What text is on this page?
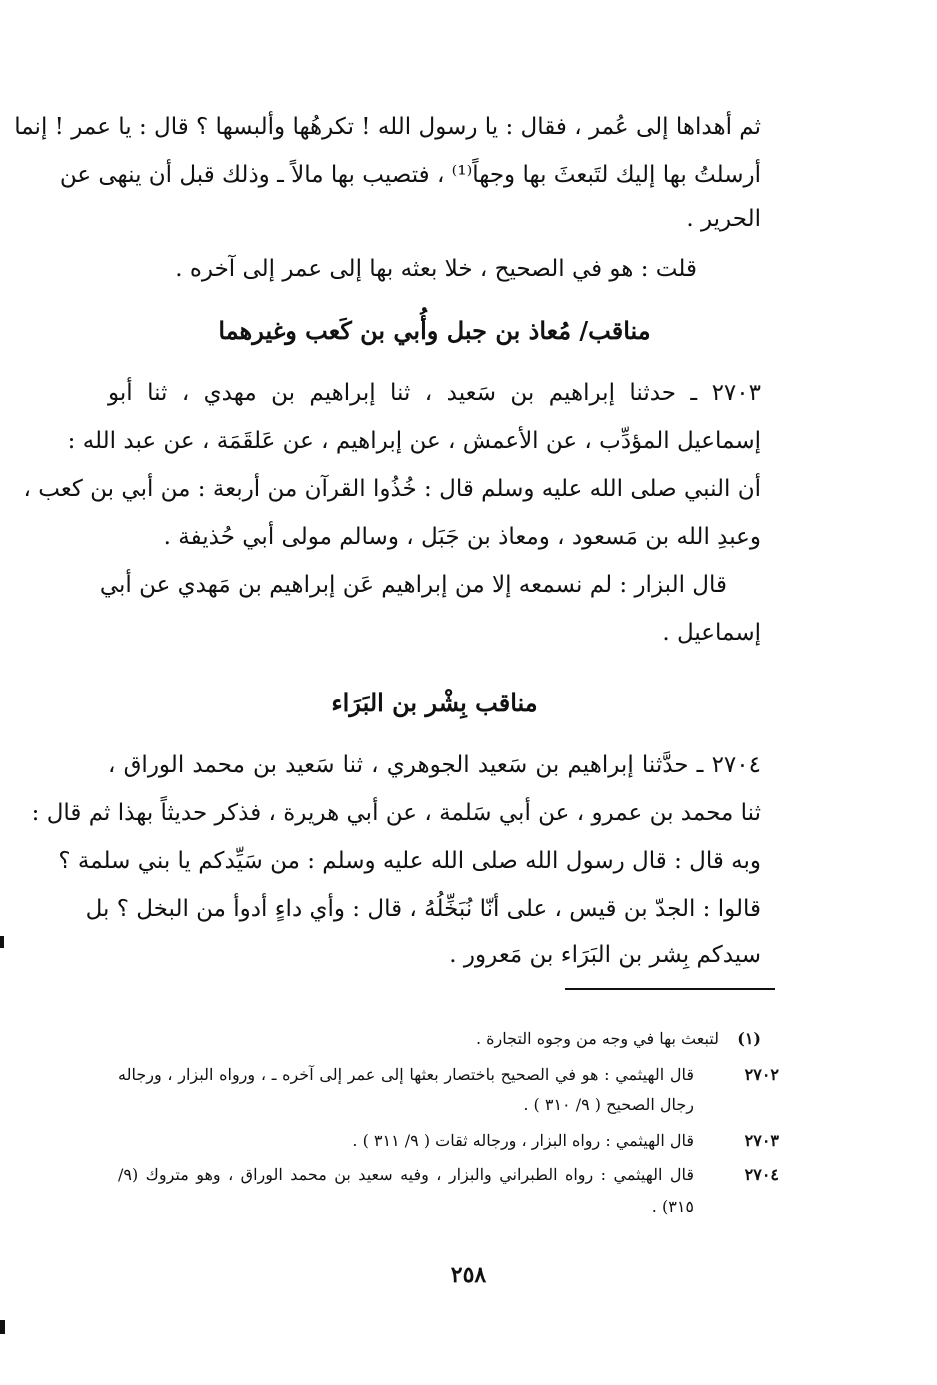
ثم أهداها إلى عُمر ، فقال : يا رسول الله ! تكرهُها وألبسها ؟ قال : يا عمر ! إنما
أرسلتُ بها إليك لتَبعثَ بها وجهاً⁽¹⁾ ، فتصيب بها مالاً ـ وذلك قبل أن ينهى عن
الحرير .
قلت : هو في الصحيح ، خلا بعثه بها إلى عمر إلى آخره .
مناقب/ مُعاذ بن جبل وأُبي بن كَعب وغيرهما
٢٧٠٣ ـ حدثنا إبراهيم بن سَعيد ، ثنا إبراهيم بن مهدي ، ثنا أبو
إسماعيل المؤدِّب ، عن الأعمش ، عن إبراهيم ، عن عَلقَمَة ، عن عبد الله :
أن النبي صلى الله عليه وسلم قال : خُذُوا القرآن من أربعة : من أبي بن كعب ،
وعبدِ الله بن مَسعود ، ومعاذ بن جَبَل ، وسالم مولى أبي حُذيفة .
قال البزار : لم نسمعه إلا من إبراهيم عَن إبراهيم بن مَهدي عن أبي
إسماعيل .
مناقب بِشْر بن البَرَاء
٢٧٠٤ ـ حدَّثنا إبراهيم بن سَعيد الجوهري ، ثنا سَعيد بن محمد الوراق ،
ثنا محمد بن عمرو ، عن أبي سَلمة ، عن أبي هريرة ، فذكر حديثاً بهذا ثم قال :
وبه قال : قال رسول الله صلى الله عليه وسلم : من سَيِّدكم يا بني سلمة ؟
قالوا : الجدّ بن قيس ، على أنّا نُبَخِّلُهُ ، قال : وأي داءٍ أدوأ من البخل ؟ بل
سيدكم بِشر بن البَرَاء بن مَعرور .
(١)
لتبعث بها في وجه من وجوه التجارة .
٢٧٠٢
قال الهيثمي : هو في الصحيح باختصار بعثها إلى عمر إلى آخره ـ ، ورواه البزار ، ورجاله
رجال الصحيح ( ٩/ ٣١٠ ) .
٢٧٠٣
قال الهيثمي : رواه البزار ، ورجاله ثقات ( ٩/ ٣١١ ) .
٢٧٠٤
قال الهيثمي : رواه الطبراني والبزار ، وفيه سعيد بن محمد الوراق ، وهو متروك (٩/
٣١٥) .
٢٥٨
